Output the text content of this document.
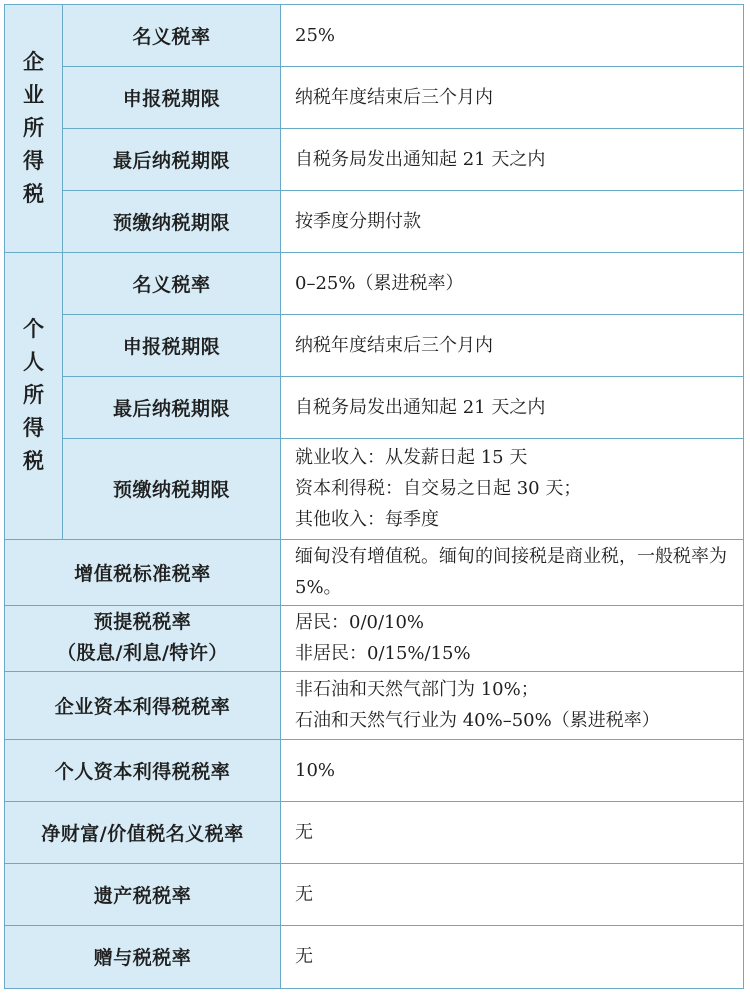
企业所得税	名义税率	25%

	申报税期限	纳税年度结束后三个月内

	最后纳税期限	自税务局发出通知起 21 天之内

	预缴纳税期限	按季度分期付款

个人所得税	名义税率	0–25%（累进税率）

	申报税期限	纳税年度结束后三个月内

	最后纳税期限	自税务局发出通知起 21 天之内

	预缴纳税期限	就业收入：从发薪日起 15 天
资本利得税：自交易之日起 30 天；
其他收入：每季度

增值税标准税率		缅甸没有增值税。缅甸的间接税是商业税，一般税率为 5%。

预提税税率
（股息/利息/特许）		居民：0/0/10%
非居民：0/15%/15%

企业资本利得税税率		非石油和天然气部门为 10%；
石油和天然气行业为 40%–50%（累进税率）

个人资本利得税税率		10%

净财富/价值税名义税率		无

遗产税税率		无

赠与税税率		无
